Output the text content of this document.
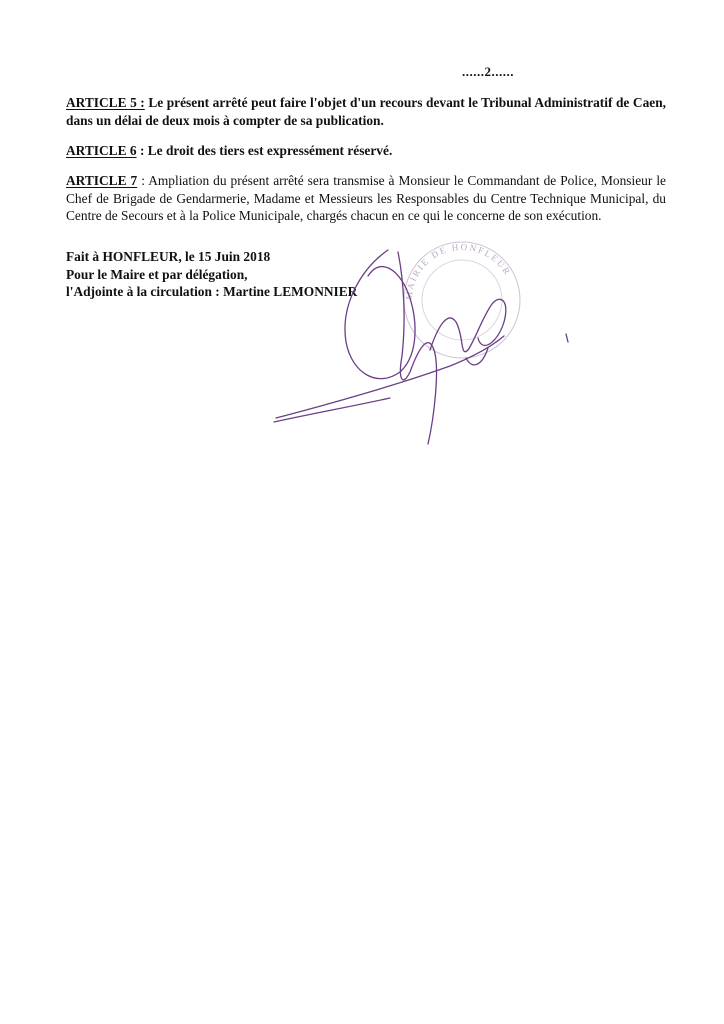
......2......
ARTICLE 5 : Le présent arrêté peut faire l'objet d'un recours devant le Tribunal Administratif de Caen, dans un délai de deux mois à compter de sa publication.
ARTICLE 6 : Le droit des tiers est expressément réservé.
ARTICLE 7 : Ampliation du présent arrêté sera transmise à Monsieur le Commandant de Police, Monsieur le Chef de Brigade de Gendarmerie, Madame et Messieurs les Responsables du Centre Technique Municipal, du Centre de Secours et à la Police Municipale, chargés chacun en ce qui le concerne de son exécution.
Fait à HONFLEUR, le 15 Juin 2018
Pour le Maire et par délégation,
l'Adjointe à la circulation : Martine LEMONNIER	MAIRIE DE HONFLEUR
